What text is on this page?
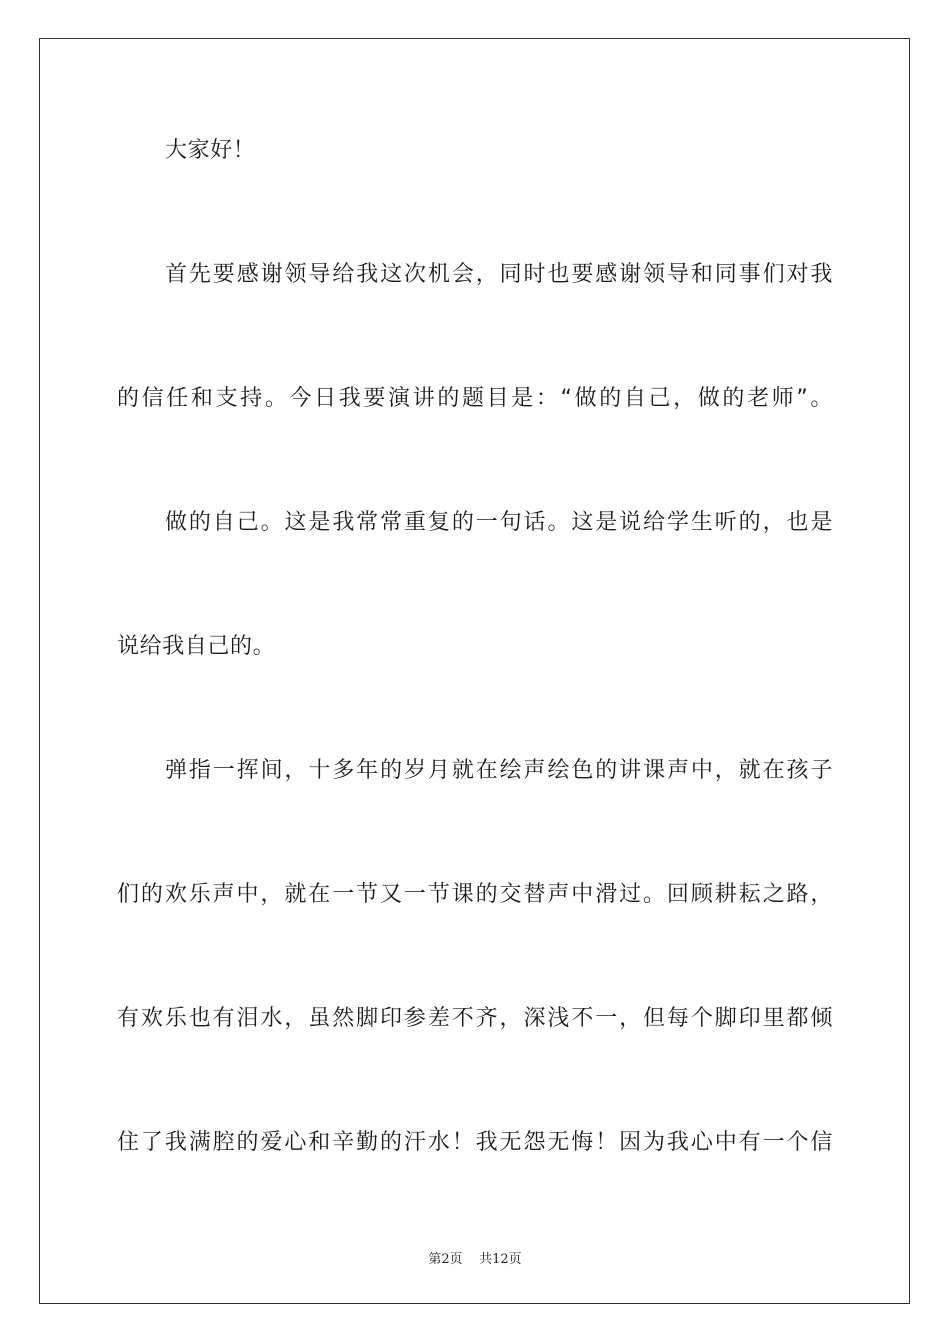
大家好！
首先要感谢领导给我这次机会，同时也要感谢领导和同事们对我
的信任和支持。今日我要演讲的题目是：“做的自己，做的老师”。
做的自己。这是我常常重复的一句话。这是说给学生听的，也是
说给我自己的。
弹指一挥间，十多年的岁月就在绘声绘色的讲课声中，就在孩子
们的欢乐声中，就在一节又一节课的交替声中滑过。回顾耕耘之路，
有欢乐也有泪水，虽然脚印参差不齐，深浅不一，但每个脚印里都倾
住了我满腔的爱心和辛勤的汗水！我无怨无悔！因为我心中有一个信
第2页 共12页
